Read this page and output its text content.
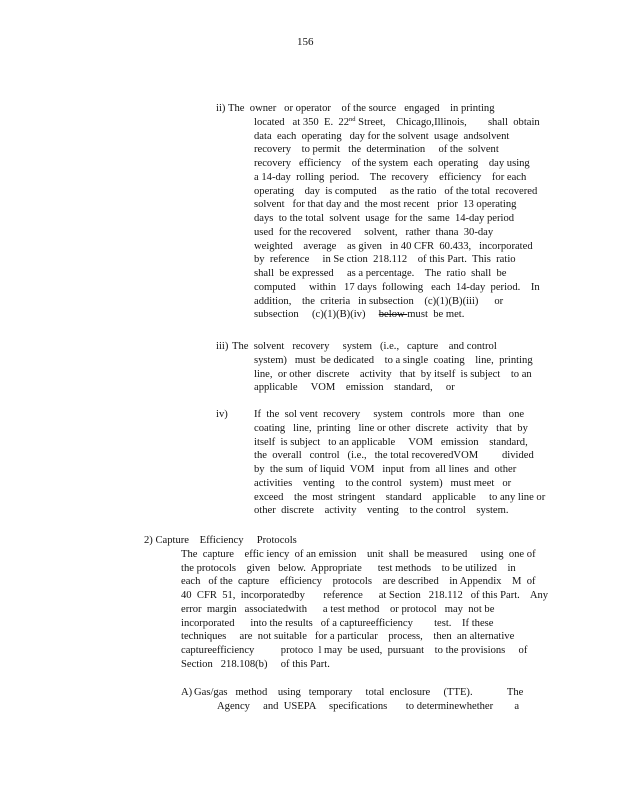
156
ii) The  owner   or operator    of the source   engaged    in printing
located   at 350  E.  22nd Street,    Chicago,Illinois,        shall  obtain
data  each  operating   day for the solvent  usage  andsolvent
recovery    to permit   the  determination     of the  solvent
recovery   efficiency    of the system  each  operating    day using
a 14-day  rolling  period.    The  recovery    efficiency    for each
operating    day  is computed     as the ratio   of the total  recovered
solvent   for that day and  the most recent   prior  13 operating
days  to the total  solvent  usage  for the  same  14-day period
used  for the recovered     solvent,   rather  thana  30-day
weighted    average    as given   in 40 CFR  60.433,   incorporated
by  reference     in Se ction  218.112    of this Part.  This  ratio
shall  be expressed     as a percentage.    The  ratio  shall  be
computed     within   17 days  following   each  14-day  period.    In
addition,    the  criteria   in subsection    (c)(1)(B)(iii)      or
subsection     (c)(1)(B)(iv)     below must  be met.
iii) The  solvent   recovery     system   (i.e.,   capture    and control
system)   must  be dedicated    to a single  coating    line,  printing
line,  or other  discrete    activity   that  by itself  is subject    to an
applicable     VOM    emission    standard,     or
iv) If  the  sol vent  recovery     system   controls   more   than   one
coating   line,  printing   line or other  discrete   activity   that  by
itself  is subject   to an applicable     VOM   emission    standard,
the  overall   control   (i.e.,   the total recoveredVOM         divided
by  the sum  of liquid  VOM   input  from  all lines  and  other
activities    venting    to the control   system)   must meet   or
exceed    the  most  stringent    standard    applicable     to any line or
other  discrete    activity    venting    to the control    system.
2) Capture    Efficiency     Protocols
The  capture    effic iency  of an emission    unit  shall  be measured     using  one of
the protocols    given   below.  Appropriate      test methods    to be utilized    in
each   of the  capture    efficiency    protocols    are described    in Appendix    M  of
40  CFR  51,  incorporatedby       reference      at Section   218.112   of this Part.    Any
error  margin   associatedwith      a test method    or protocol   may  not be
incorporated      into the results   of a captureefficiency        test.    If these
techniques     are  not suitable   for a particular    process,    then  an alternative
captureefficiency          protoco  l may  be used,  pursuant    to the provisions     of
Section   218.108(b)     of this Part.
A) Gas/gas   method    using   temporary     total  enclosure     (TTE).             The
Agency     and  USEPA     specifications       to determinewhether        a
